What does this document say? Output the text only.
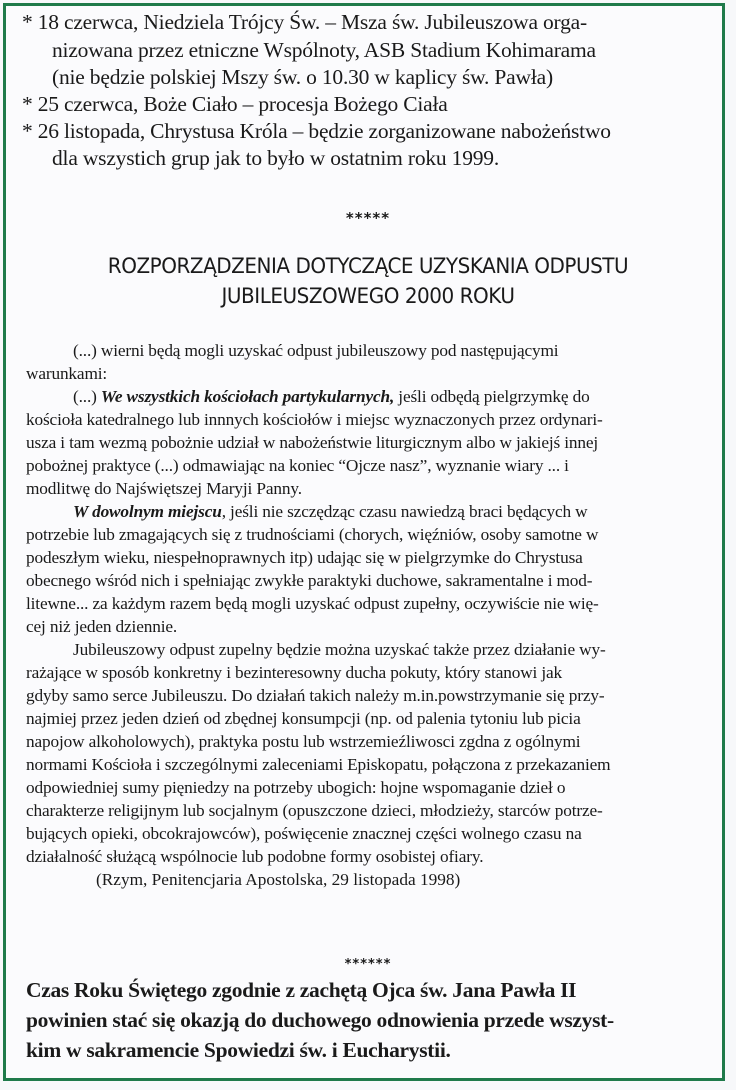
* 18 czerwca, Niedziela Trójcy Św. – Msza św. Jubileuszowa orga-
nizowana przez etniczne Wspólnoty, ASB Stadium Kohimarama
(nie będzie polskiej Mszy św. o 10.30 w kaplicy św. Pawła)
* 25 czerwca, Boże Ciało – procesja Bożego Ciała
* 26 listopada, Chrystusa Króla – będzie zorganizowane nabożeństwo
dla wszystich grup jak to było w ostatnim roku 1999.
*****
ROZPORZĄDZENIA DOTYCZĄCE UZYSKANIA ODPUSTU
JUBILEUSZOWEGO 2000 ROKU
(...) wierni będą mogli uzyskać odpust jubileuszowy pod następującymi
warunkami:
(...) We wszystkich kościołach partykularnych, jeśli odbędą pielgrzymkę do
kościoła katedralnego lub innnych kościołów i miejsc wyznaczonych przez ordynari-
usza i tam wezmą pobożnie udział w nabożeństwie liturgicznym albo w jakiejś innej
pobożnej praktyce (...) odmawiając na koniec “Ojcze nasz”, wyznanie wiary ... i
modlitwę do Najświętszej Maryji Panny.
W dowolnym miejscu, jeśli nie szczędząc czasu nawiedzą braci będących w
potrzebie lub zmagających się z trudnościami (chorych, więźniów, osoby samotne w
podeszłym wieku, niespełnoprawnych itp) udając się w pielgrzymke do Chrystusa
obecnego wśród nich i spełniając zwykłe paraktyki duchowe, sakramentalne i mod-
litewne... za każdym razem będą mogli uzyskać odpust zupełny, oczywiście nie wię-
cej niż jeden dziennie.
Jubileuszowy odpust zupelny będzie można uzyskać także przez działanie wy-
rażające w sposób konkretny i bezinteresowny ducha pokuty, który stanowi jak
gdyby samo serce Jubileuszu. Do działań takich należy m.in.powstrzymanie się przy-
najmiej przez jeden dzień od zbędnej konsumpcji (np. od palenia tytoniu lub picia
napojow alkoholowych), praktyka postu lub wstrzemieźliwosci zgdna z ogólnymi
normami Kościoła i szczególnymi zaleceniami Episkopatu, połączona z przekazaniem
odpowiedniej sumy pięniedzy na potrzeby ubogich: hojne wspomaganie dzieł o
charakterze religijnym lub socjalnym (opuszczone dzieci, młodzieży, starców potrze-
bujących opieki, obcokrajowców), poświęcenie znacznej części wolnego czasu na
działalność służącą wspólnocie lub podobne formy osobistej ofiary.
(Rzym, Penitencjaria Apostolska, 29 listopada 1998)
******
Czas Roku Świętego zgodnie z zachętą Ojca św. Jana Pawła II
powinien stać się okazją do duchowego odnowienia przede wszyst-
kim w sakramencie Spowiedzi św. i Eucharystii.
